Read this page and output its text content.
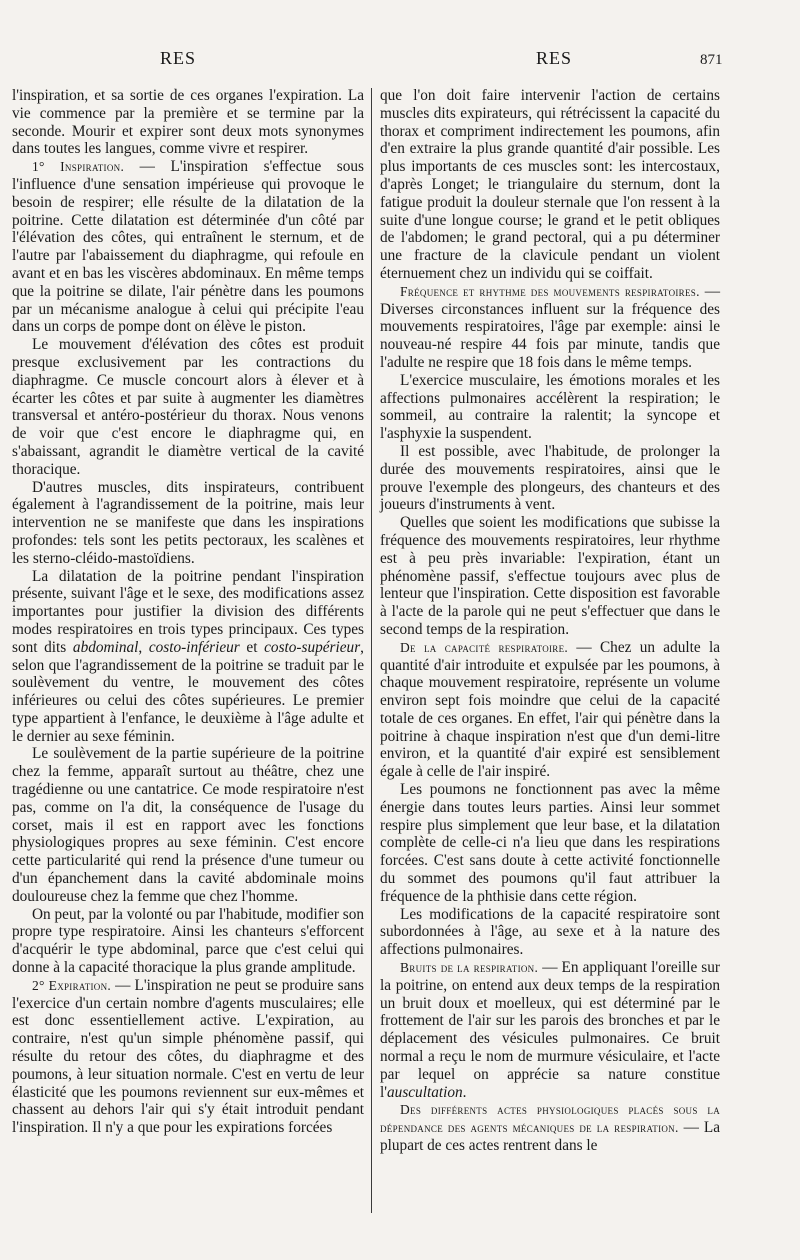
RES	RES	871

l'inspiration, et sa sortie de ces organes l'expiration. La vie commence par la première et se termine par la seconde. Mourir et expirer sont deux mots synonymes dans toutes les langues, comme vivre et respirer.

1° Inspiration. — L'inspiration s'effectue sous l'influence d'une sensation impérieuse qui provoque le besoin de respirer; elle résulte de la dilatation de la poitrine. Cette dilatation est déterminée d'un côté par l'élévation des côtes, qui entraînent le sternum, et de l'autre par l'abaissement du diaphragme, qui refoule en avant et en bas les viscères abdominaux. En même temps que la poitrine se dilate, l'air pénètre dans les poumons par un mécanisme analogue à celui qui précipite l'eau dans un corps de pompe dont on élève le piston.

Le mouvement d'élévation des côtes est produit presque exclusivement par les contractions du diaphragme. Ce muscle concourt alors à élever et à écarter les côtes et par suite à augmenter les diamètres transversal et antéro-postérieur du thorax. Nous venons de voir que c'est encore le diaphragme qui, en s'abaissant, agrandit le diamètre vertical de la cavité thoracique.

D'autres muscles, dits inspirateurs, contribuent également à l'agrandissement de la poitrine, mais leur intervention ne se manifeste que dans les inspirations profondes: tels sont les petits pectoraux, les scalènes et les sterno-cléido-mastoïdiens.

La dilatation de la poitrine pendant l'inspiration présente, suivant l'âge et le sexe, des modifications assez importantes pour justifier la division des différents modes respiratoires en trois types principaux. Ces types sont dits abdominal, costo-inférieur et costo-supérieur, selon que l'agrandissement de la poitrine se traduit par le soulèvement du ventre, le mouvement des côtes inférieures ou celui des côtes supérieures. Le premier type appartient à l'enfance, le deuxième à l'âge adulte et le dernier au sexe féminin.

Le soulèvement de la partie supérieure de la poitrine chez la femme, apparaît surtout au théâtre, chez une tragédienne ou une cantatrice. Ce mode respiratoire n'est pas, comme on l'a dit, la conséquence de l'usage du corset, mais il est en rapport avec les fonctions physiologiques propres au sexe féminin. C'est encore cette particularité qui rend la présence d'une tumeur ou d'un épanchement dans la cavité abdominale moins douloureuse chez la femme que chez l'homme.

On peut, par la volonté ou par l'habitude, modifier son propre type respiratoire. Ainsi les chanteurs s'efforcent d'acquérir le type abdominal, parce que c'est celui qui donne à la capacité thoracique la plus grande amplitude.

2° Expiration. — L'inspiration ne peut se produire sans l'exercice d'un certain nombre d'agents musculaires; elle est donc essentiellement active. L'expiration, au contraire, n'est qu'un simple phénomène passif, qui résulte du retour des côtes, du diaphragme et des poumons, à leur situation normale. C'est en vertu de leur élasticité que les poumons reviennent sur eux-mêmes et chassent au dehors l'air qui s'y était introduit pendant l'inspiration. Il n'y a que pour les expirations forcées

que l'on doit faire intervenir l'action de certains muscles dits expirateurs, qui rétrécissent la capacité du thorax et compriment indirectement les poumons, afin d'en extraire la plus grande quantité d'air possible. Les plus importants de ces muscles sont: les intercostaux, d'après Longet; le triangulaire du sternum, dont la fatigue produit la douleur sternale que l'on ressent à la suite d'une longue course; le grand et le petit obliques de l'abdomen; le grand pectoral, qui a pu déterminer une fracture de la clavicule pendant un violent éternuement chez un individu qui se coiffait.

Fréquence et rhythme des mouvements respiratoires. — Diverses circonstances influent sur la fréquence des mouvements respiratoires, l'âge par exemple: ainsi le nouveau-né respire 44 fois par minute, tandis que l'adulte ne respire que 18 fois dans le même temps.

L'exercice musculaire, les émotions morales et les affections pulmonaires accélèrent la respiration; le sommeil, au contraire la ralentit; la syncope et l'asphyxie la suspendent.

Il est possible, avec l'habitude, de prolonger la durée des mouvements respiratoires, ainsi que le prouve l'exemple des plongeurs, des chanteurs et des joueurs d'instruments à vent.

Quelles que soient les modifications que subisse la fréquence des mouvements respiratoires, leur rhythme est à peu près invariable: l'expiration, étant un phénomène passif, s'effectue toujours avec plus de lenteur que l'inspiration. Cette disposition est favorable à l'acte de la parole qui ne peut s'effectuer que dans le second temps de la respiration.

De la capacité respiratoire. — Chez un adulte la quantité d'air introduite et expulsée par les poumons, à chaque mouvement respiratoire, représente un volume environ sept fois moindre que celui de la capacité totale de ces organes. En effet, l'air qui pénètre dans la poitrine à chaque inspiration n'est que d'un demi-litre environ, et la quantité d'air expiré est sensiblement égale à celle de l'air inspiré.

Les poumons ne fonctionnent pas avec la même énergie dans toutes leurs parties. Ainsi leur sommet respire plus simplement que leur base, et la dilatation complète de celle-ci n'a lieu que dans les respirations forcées. C'est sans doute à cette activité fonctionnelle du sommet des poumons qu'il faut attribuer la fréquence de la phthisie dans cette région.

Les modifications de la capacité respiratoire sont subordonnées à l'âge, au sexe et à la nature des affections pulmonaires.

Bruits de la respiration. — En appliquant l'oreille sur la poitrine, on entend aux deux temps de la respiration un bruit doux et moelleux, qui est déterminé par le frottement de l'air sur les parois des bronches et par le déplacement des vésicules pulmonaires. Ce bruit normal a reçu le nom de murmure vésiculaire, et l'acte par lequel on apprécie sa nature constitue l'auscultation.

Des différents actes physiologiques placés sous la dépendance des agents mécaniques de la respiration. — La plupart de ces actes rentrent dans le
